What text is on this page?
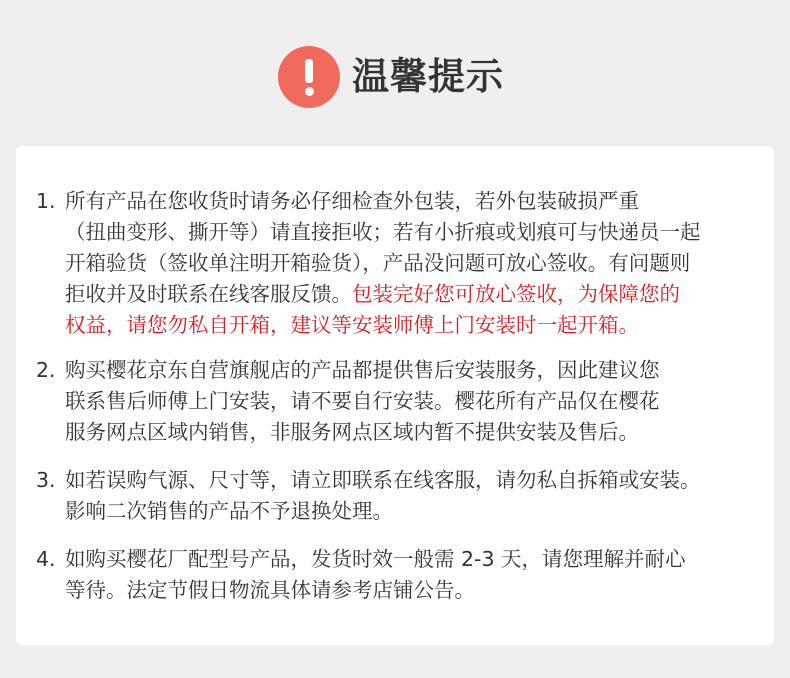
温馨提示
1. 所有产品在您收货时请务必仔细检查外包装，若外包装破损严重
（扭曲变形、撕开等）请直接拒收；若有小折痕或划痕可与快递员一起
开箱验货（签收单注明开箱验货），产品没问题可放心签收。有问题则
拒收并及时联系在线客服反馈。包装完好您可放心签收，为保障您的
权益，请您勿私自开箱，建议等安装师傅上门安装时一起开箱。
2. 购买樱花京东自营旗舰店的产品都提供售后安装服务，因此建议您
联系售后师傅上门安装，请不要自行安装。樱花所有产品仅在樱花
服务网点区域内销售，非服务网点区域内暂不提供安装及售后。
3. 如若误购气源、尺寸等，请立即联系在线客服，请勿私自拆箱或安装。
影响二次销售的产品不予退换处理。
4. 如购买樱花厂配型号产品，发货时效一般需 2-3 天，请您理解并耐心
等待。法定节假日物流具体请参考店铺公告。
